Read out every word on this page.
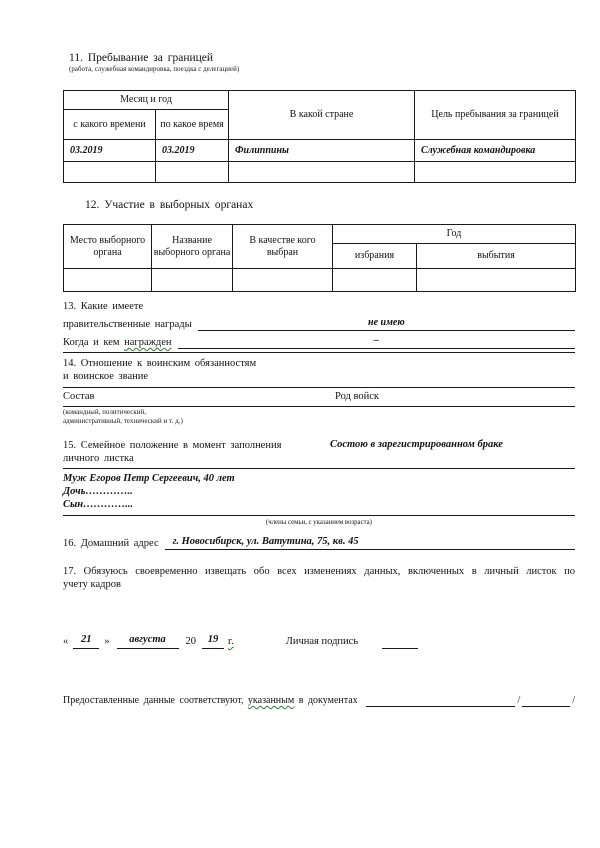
11. Пребывание за границей
(работа, служебная командировка, поездка с делегацией)
Месяц и год		В какой стране	Цель пребывания за границей
с какого времени	по какое время		
03.2019	03.2019	Филиппины	Служебная командировка

12. Участие в выборных органах
Место выборного органа	Название выборного органа	В качестве кого выбран	Год	
			избрания	выбытия

13. Какие имеете
правительственные награды	не имею
Когда и кем награжден	–
14. Отношение к воинским обязанностям
и воинское звание
Состав	Род войск
(командный, политический,
административный, технический и т. д.)
15. Семейное положение в момент заполнения	Состою в зарегистрированном браке
личного листка
Муж Егоров Петр Сергеевич, 40 лет
Дочь…………..
Сын…………...
(члены семьи, с указанием возраста)
16. Домашний адрес	г. Новосибирск, ул. Ватутина, 75, кв. 45
17. Обязуюсь своевременно извещать обо всех изменениях данных, включенных в личный листок по
учету кадров
«	21	»	августа	20	19 г.	Личная подпись
Предоставленные данные соответствуют, указанным в документах	/	/
